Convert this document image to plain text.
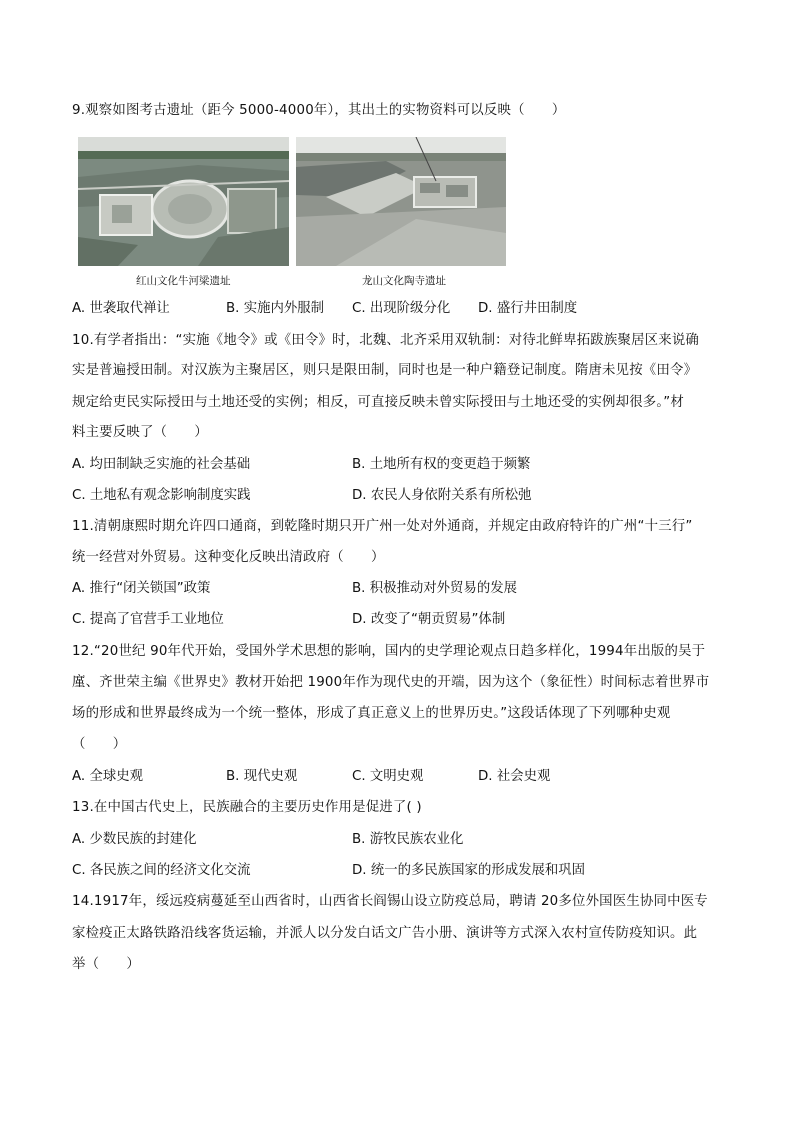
9.观察如图考古遗址（距今 5000-4000年），其出土的实物资料可以反映（　　）
红山文化牛河梁遗址	龙山文化陶寺遗址
A. 世袭取代禅让	B. 实施内外服制 C. 出现阶级分化 D. 盛行井田制度
10.有学者指出：“实施《地令》或《田令》时，北魏、北齐采用双轨制：对待北鲜卑拓跋族聚居区来说确
实是普遍授田制。对汉族为主聚居区，则只是限田制，同时也是一种户籍登记制度。隋唐未见按《田令》
规定给吏民实际授田与土地还受的实例；相反，可直接反映未曾实际授田与土地还受的实例却很多。”材
料主要反映了（　　）
A. 均田制缺乏实施的社会基础	B. 土地所有权的变更趋于频繁
C. 土地私有观念影响制度实践	D. 农民人身依附关系有所松弛
11.清朝康熙时期允许四口通商，到乾隆时期只开广州一处对外通商，并规定由政府特许的广州“十三行”
统一经营对外贸易。这种变化反映出清政府（　　）
A. 推行“闭关锁国”政策	B. 积极推动对外贸易的发展
C. 提高了官营手工业地位	D. 改变了“朝贡贸易”体制
12.“20世纪 90年代开始，受国外学术思想的影响，国内的史学理论观点日趋多样化，1994年出版的吴于
廑、齐世荣主编《世界史》教材开始把 1900年作为现代史的开端，因为这个（象征性）时间标志着世界市
场的形成和世界最终成为一个统一整体，形成了真正意义上的世界历史。”这段话体现了下列哪种史观
（　　）
A. 全球史观	B. 现代史观	C. 文明史观	D. 社会史观
13.在中国古代史上，民族融合的主要历史作用是促进了( )
A. 少数民族的封建化	B. 游牧民族农业化
C. 各民族之间的经济文化交流	D. 统一的多民族国家的形成发展和巩固
14.1917年，绥远疫病蔓延至山西省时，山西省长阎锡山设立防疫总局，聘请 20多位外国医生协同中医专
家检疫正太路铁路沿线客货运输，并派人以分发白话文广告小册、演讲等方式深入农村宣传防疫知识。此
举（　　）
